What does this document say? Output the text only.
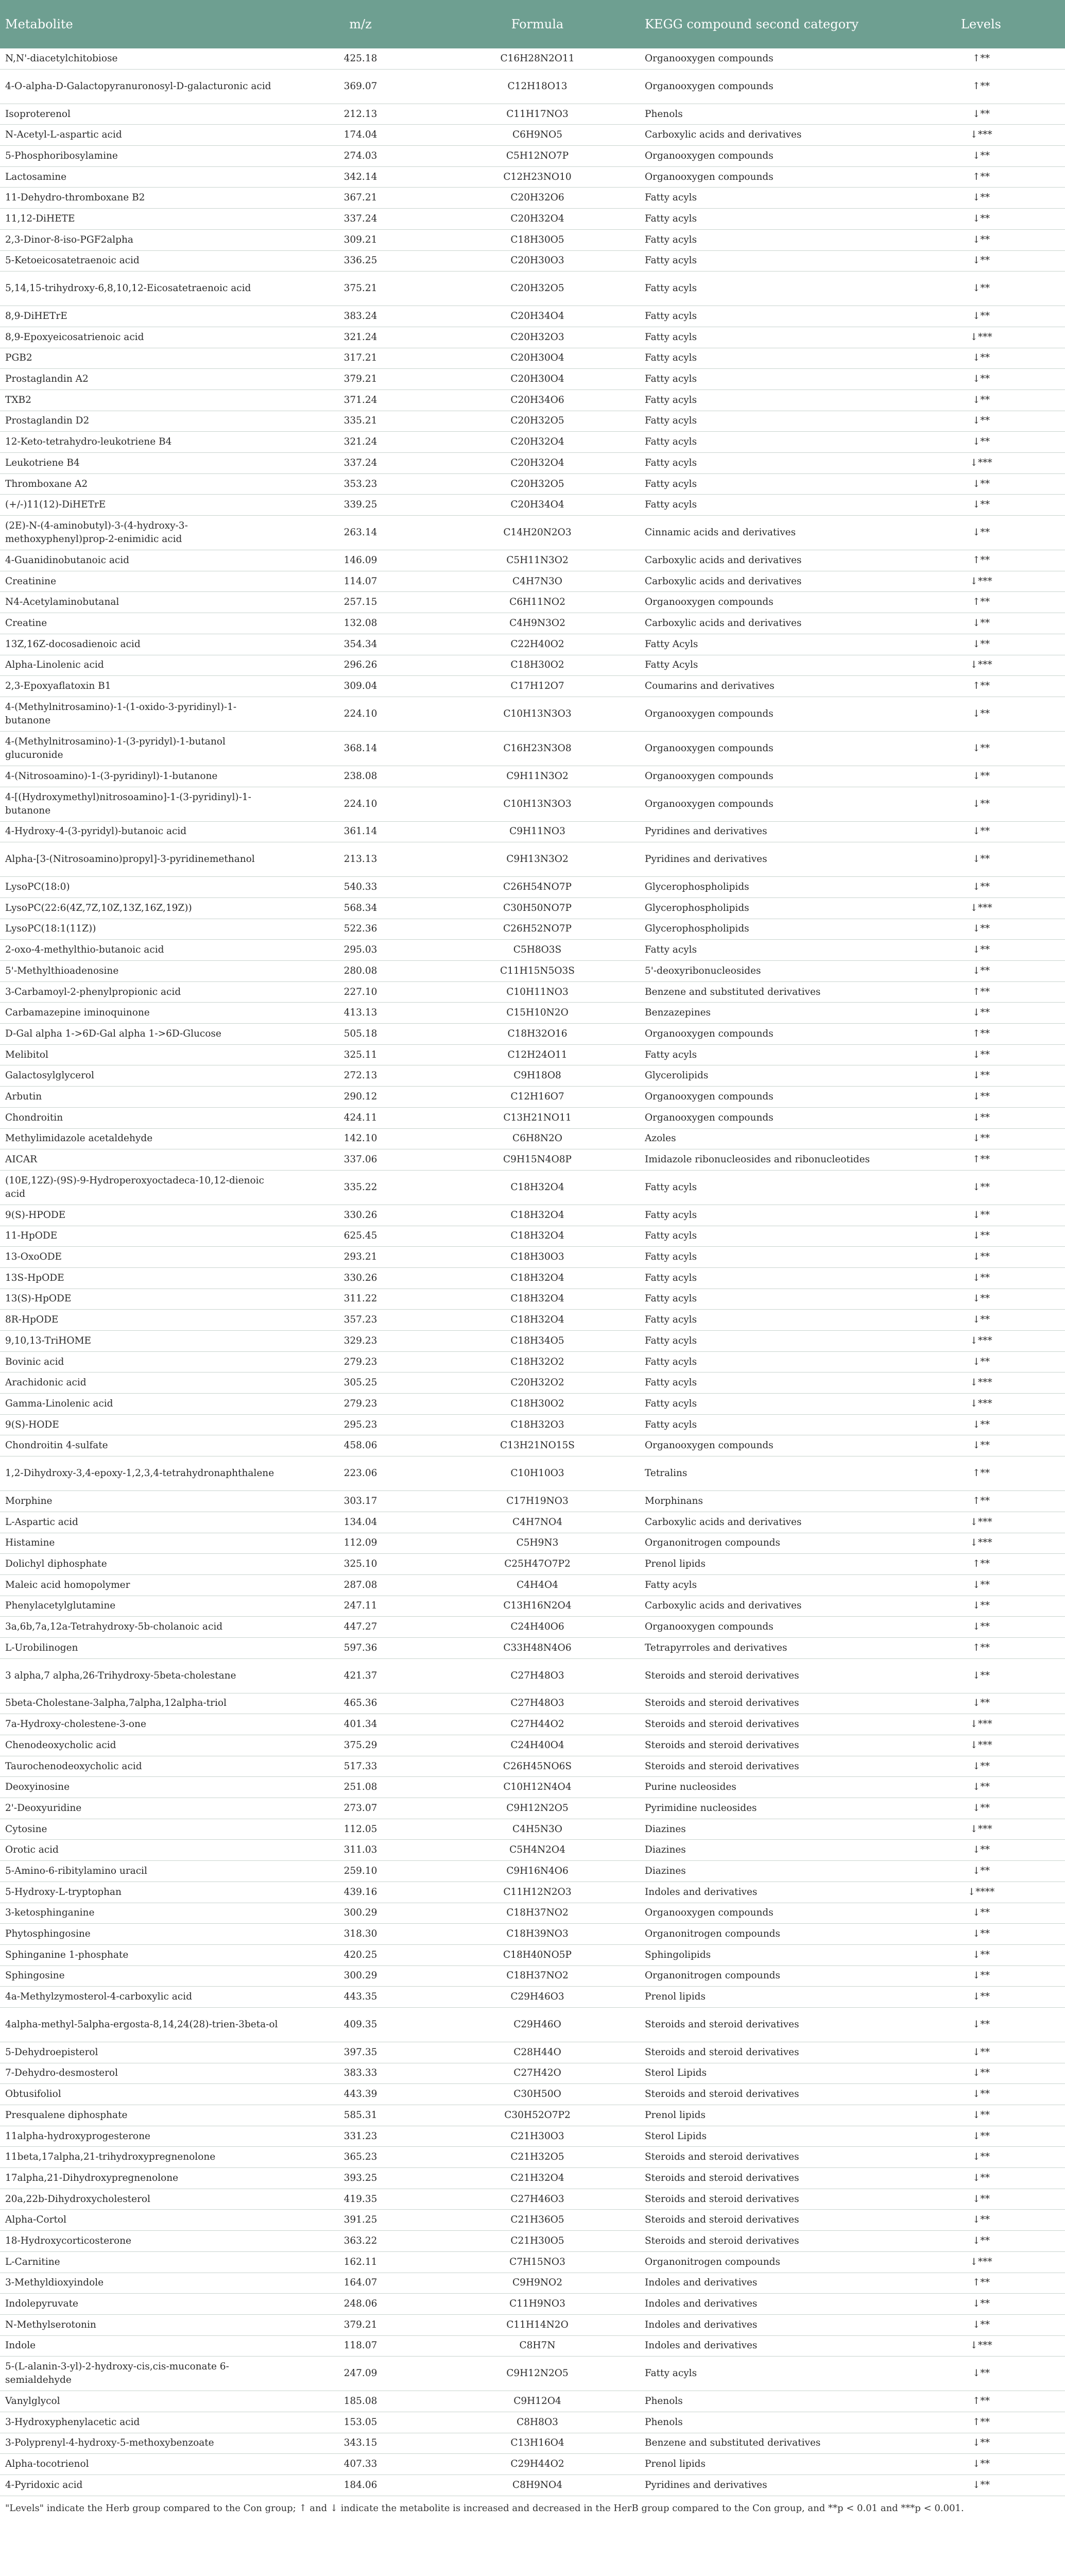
Metabolite	m/z	Formula	KEGG compound second category	Levels
N,N'-diacetylchitobiose	425.18	C16H28N2O11	Organooxygen compounds	↑**
4-O-alpha-D-Galactopyranuronosyl-D-galacturonic acid	369.07	C12H18O13	Organooxygen compounds	↑**
Isoproterenol	212.13	C11H17NO3	Phenols	↓**
N-Acetyl-L-aspartic acid	174.04	C6H9NO5	Carboxylic acids and derivatives	↓***
5-Phosphoribosylamine	274.03	C5H12NO7P	Organooxygen compounds	↓**
Lactosamine	342.14	C12H23NO10	Organooxygen compounds	↑**
11-Dehydro-thromboxane B2	367.21	C20H32O6	Fatty acyls	↓**
11,12-DiHETE	337.24	C20H32O4	Fatty acyls	↓**
2,3-Dinor-8-iso-PGF2alpha	309.21	C18H30O5	Fatty acyls	↓**
5-Ketoeicosatetraenoic acid	336.25	C20H30O3	Fatty acyls	↓**
5,14,15-trihydroxy-6,8,10,12-Eicosatetraenoic acid	375.21	C20H32O5	Fatty acyls	↓**
8,9-DiHETrE	383.24	C20H34O4	Fatty acyls	↓**
8,9-Epoxyeicosatrienoic acid	321.24	C20H32O3	Fatty acyls	↓***
PGB2	317.21	C20H30O4	Fatty acyls	↓**
Prostaglandin A2	379.21	C20H30O4	Fatty acyls	↓**
TXB2	371.24	C20H34O6	Fatty acyls	↓**
Prostaglandin D2	335.21	C20H32O5	Fatty acyls	↓**
12-Keto-tetrahydro-leukotriene B4	321.24	C20H32O4	Fatty acyls	↓**
Leukotriene B4	337.24	C20H32O4	Fatty acyls	↓***
Thromboxane A2	353.23	C20H32O5	Fatty acyls	↓**
(+/-)11(12)-DiHETrE	339.25	C20H34O4	Fatty acyls	↓**
(2E)-N-(4-aminobutyl)-3-(4-hydroxy-3-methoxyphenyl)prop-2-enimidic acid	263.14	C14H20N2O3	Cinnamic acids and derivatives	↓**
4-Guanidinobutanoic acid	146.09	C5H11N3O2	Carboxylic acids and derivatives	↑**
Creatinine	114.07	C4H7N3O	Carboxylic acids and derivatives	↓***
N4-Acetylaminobutanal	257.15	C6H11NO2	Organooxygen compounds	↑**
Creatine	132.08	C4H9N3O2	Carboxylic acids and derivatives	↓**
13Z,16Z-docosadienoic acid	354.34	C22H40O2	Fatty Acyls	↓**
Alpha-Linolenic acid	296.26	C18H30O2	Fatty Acyls	↓***
2,3-Epoxyaflatoxin B1	309.04	C17H12O7	Coumarins and derivatives	↑**
4-(Methylnitrosamino)-1-(1-oxido-3-pyridinyl)-1-butanone	224.10	C10H13N3O3	Organooxygen compounds	↓**
4-(Methylnitrosamino)-1-(3-pyridyl)-1-butanol glucuronide	368.14	C16H23N3O8	Organooxygen compounds	↓**
4-(Nitrosoamino)-1-(3-pyridinyl)-1-butanone	238.08	C9H11N3O2	Organooxygen compounds	↓**
4-[(Hydroxymethyl)nitrosoamino]-1-(3-pyridinyl)-1-butanone	224.10	C10H13N3O3	Organooxygen compounds	↓**
4-Hydroxy-4-(3-pyridyl)-butanoic acid	361.14	C9H11NO3	Pyridines and derivatives	↓**
Alpha-[3-(Nitrosoamino)propyl]-3-pyridinemethanol	213.13	C9H13N3O2	Pyridines and derivatives	↓**
LysoPC(18:0)	540.33	C26H54NO7P	Glycerophospholipids	↓**
LysoPC(22:6(4Z,7Z,10Z,13Z,16Z,19Z))	568.34	C30H50NO7P	Glycerophospholipids	↓***
LysoPC(18:1(11Z))	522.36	C26H52NO7P	Glycerophospholipids	↓**
2-oxo-4-methylthio-butanoic acid	295.03	C5H8O3S	Fatty acyls	↓**
5'-Methylthioadenosine	280.08	C11H15N5O3S	5'-deoxyribonucleosides	↓**
3-Carbamoyl-2-phenylpropionic acid	227.10	C10H11NO3	Benzene and substituted derivatives	↑**
Carbamazepine iminoquinone	413.13	C15H10N2O	Benzazepines	↓**
D-Gal alpha 1->6D-Gal alpha 1->6D-Glucose	505.18	C18H32O16	Organooxygen compounds	↑**
Melibitol	325.11	C12H24O11	Fatty acyls	↓**
Galactosylglycerol	272.13	C9H18O8	Glycerolipids	↓**
Arbutin	290.12	C12H16O7	Organooxygen compounds	↓**
Chondroitin	424.11	C13H21NO11	Organooxygen compounds	↓**
Methylimidazole acetaldehyde	142.10	C6H8N2O	Azoles	↓**
AICAR	337.06	C9H15N4O8P	Imidazole ribonucleosides and ribonucleotides	↑**
(10E,12Z)-(9S)-9-Hydroperoxyoctadeca-10,12-dienoic acid	335.22	C18H32O4	Fatty acyls	↓**
9(S)-HPODE	330.26	C18H32O4	Fatty acyls	↓**
11-HpODE	625.45	C18H32O4	Fatty acyls	↓**
13-OxoODE	293.21	C18H30O3	Fatty acyls	↓**
13S-HpODE	330.26	C18H32O4	Fatty acyls	↓**
13(S)-HpODE	311.22	C18H32O4	Fatty acyls	↓**
8R-HpODE	357.23	C18H32O4	Fatty acyls	↓**
9,10,13-TriHOME	329.23	C18H34O5	Fatty acyls	↓***
Bovinic acid	279.23	C18H32O2	Fatty acyls	↓**
Arachidonic acid	305.25	C20H32O2	Fatty acyls	↓***
Gamma-Linolenic acid	279.23	C18H30O2	Fatty acyls	↓***
9(S)-HODE	295.23	C18H32O3	Fatty acyls	↓**
Chondroitin 4-sulfate	458.06	C13H21NO15S	Organooxygen compounds	↓**
1,2-Dihydroxy-3,4-epoxy-1,2,3,4-tetrahydronaphthalene	223.06	C10H10O3	Tetralins	↑**
Morphine	303.17	C17H19NO3	Morphinans	↑**
L-Aspartic acid	134.04	C4H7NO4	Carboxylic acids and derivatives	↓***
Histamine	112.09	C5H9N3	Organonitrogen compounds	↓***
Dolichyl diphosphate	325.10	C25H47O7P2	Prenol lipids	↑**
Maleic acid homopolymer	287.08	C4H4O4	Fatty acyls	↓**
Phenylacetylglutamine	247.11	C13H16N2O4	Carboxylic acids and derivatives	↓**
3a,6b,7a,12a-Tetrahydroxy-5b-cholanoic acid	447.27	C24H40O6	Organooxygen compounds	↓**
L-Urobilinogen	597.36	C33H48N4O6	Tetrapyrroles and derivatives	↑**
3 alpha,7 alpha,26-Trihydroxy-5beta-cholestane	421.37	C27H48O3	Steroids and steroid derivatives	↓**
5beta-Cholestane-3alpha,7alpha,12alpha-triol	465.36	C27H48O3	Steroids and steroid derivatives	↓**
7a-Hydroxy-cholestene-3-one	401.34	C27H44O2	Steroids and steroid derivatives	↓***
Chenodeoxycholic acid	375.29	C24H40O4	Steroids and steroid derivatives	↓***
Taurochenodeoxycholic acid	517.33	C26H45NO6S	Steroids and steroid derivatives	↓**
Deoxyinosine	251.08	C10H12N4O4	Purine nucleosides	↓**
2'-Deoxyuridine	273.07	C9H12N2O5	Pyrimidine nucleosides	↓**
Cytosine	112.05	C4H5N3O	Diazines	↓***
Orotic acid	311.03	C5H4N2O4	Diazines	↓**
5-Amino-6-ribitylamino uracil	259.10	C9H16N4O6	Diazines	↓**
5-Hydroxy-L-tryptophan	439.16	C11H12N2O3	Indoles and derivatives	↓****
3-ketosphinganine	300.29	C18H37NO2	Organooxygen compounds	↓**
Phytosphingosine	318.30	C18H39NO3	Organonitrogen compounds	↓**
Sphinganine 1-phosphate	420.25	C18H40NO5P	Sphingolipids	↓**
Sphingosine	300.29	C18H37NO2	Organonitrogen compounds	↓**
4a-Methylzymosterol-4-carboxylic acid	443.35	C29H46O3	Prenol lipids	↓**
4alpha-methyl-5alpha-ergosta-8,14,24(28)-trien-3beta-ol	409.35	C29H46O	Steroids and steroid derivatives	↓**
5-Dehydroepisterol	397.35	C28H44O	Steroids and steroid derivatives	↓**
7-Dehydro-desmosterol	383.33	C27H42O	Sterol Lipids	↓**
Obtusifoliol	443.39	C30H50O	Steroids and steroid derivatives	↓**
Presqualene diphosphate	585.31	C30H52O7P2	Prenol lipids	↓**
11alpha-hydroxyprogesterone	331.23	C21H30O3	Sterol Lipids	↓**
11beta,17alpha,21-trihydroxypregnenolone	365.23	C21H32O5	Steroids and steroid derivatives	↓**
17alpha,21-Dihydroxypregnenolone	393.25	C21H32O4	Steroids and steroid derivatives	↓**
20a,22b-Dihydroxycholesterol	419.35	C27H46O3	Steroids and steroid derivatives	↓**
Alpha-Cortol	391.25	C21H36O5	Steroids and steroid derivatives	↓**
18-Hydroxycorticosterone	363.22	C21H30O5	Steroids and steroid derivatives	↓**
L-Carnitine	162.11	C7H15NO3	Organonitrogen compounds	↓***
3-Methyldioxyindole	164.07	C9H9NO2	Indoles and derivatives	↑**
Indolepyruvate	248.06	C11H9NO3	Indoles and derivatives	↓**
N-Methylserotonin	379.21	C11H14N2O	Indoles and derivatives	↓**
Indole	118.07	C8H7N	Indoles and derivatives	↓***
5-(L-alanin-3-yl)-2-hydroxy-cis,cis-muconate 6-semialdehyde	247.09	C9H12N2O5	Fatty acyls	↓**
Vanylglycol	185.08	C9H12O4	Phenols	↑**
3-Hydroxyphenylacetic acid	153.05	C8H8O3	Phenols	↑**
3-Polyprenyl-4-hydroxy-5-methoxybenzoate	343.15	C13H16O4	Benzene and substituted derivatives	↓**
Alpha-tocotrienol	407.33	C29H44O2	Prenol lipids	↓**
4-Pyridoxic acid	184.06	C8H9NO4	Pyridines and derivatives	↓**
"Levels" indicate the Herb group compared to the Con group; ↑ and ↓ indicate the metabolite is increased and decreased in the HerB group compared to the Con group, and **p < 0.01 and ***p < 0.001.
